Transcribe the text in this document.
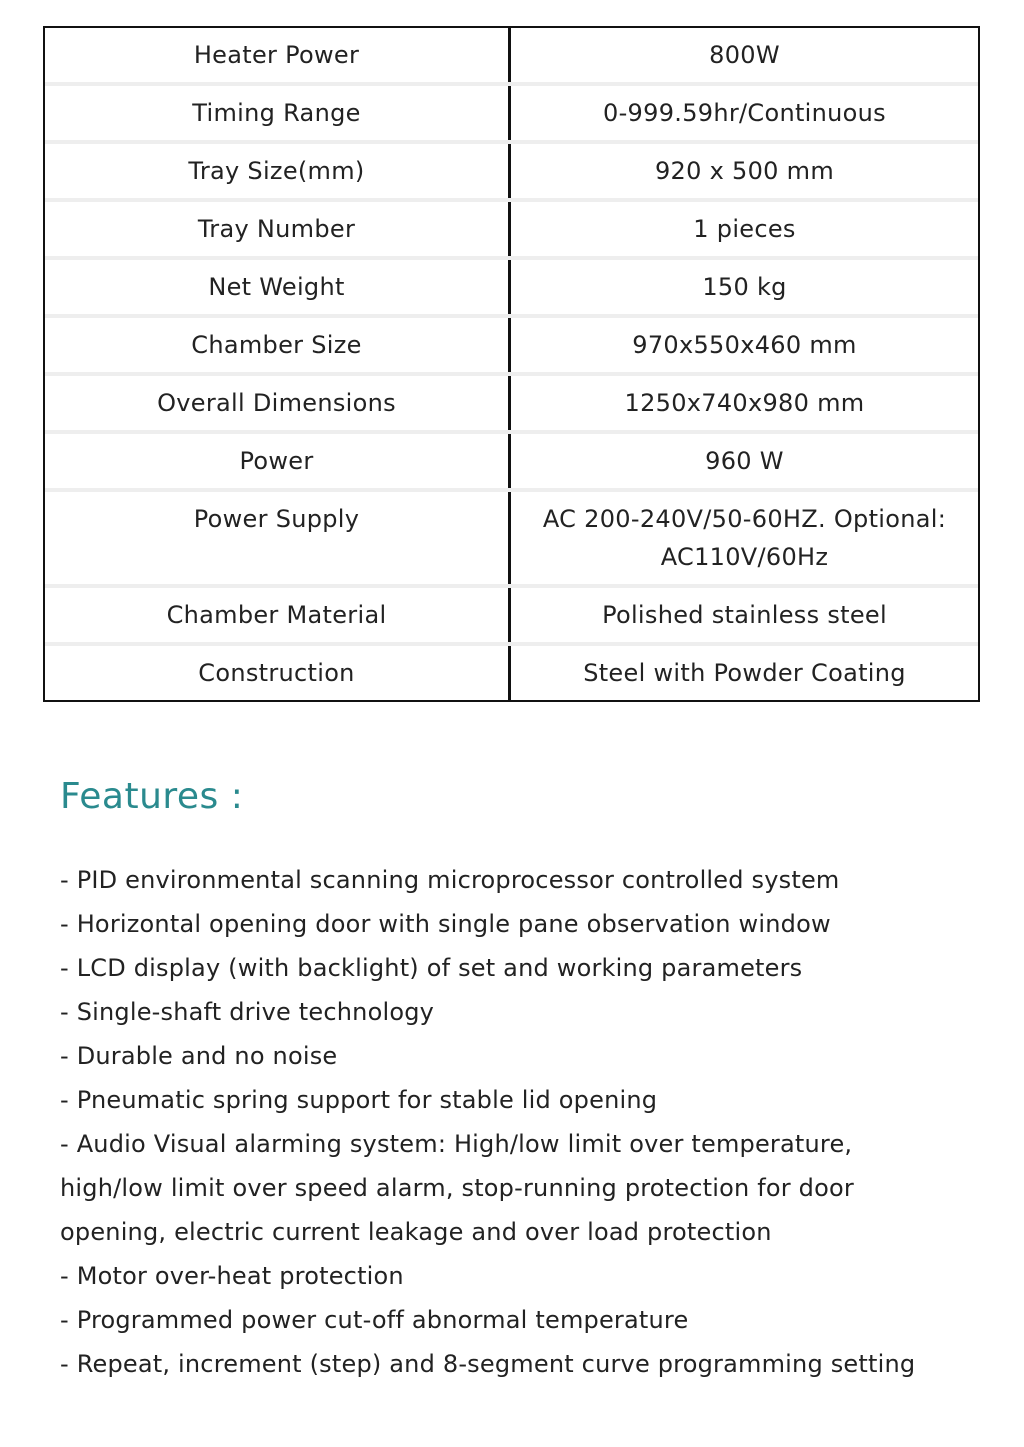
Heater Power	800W
Timing Range	0-999.59hr/Continuous
Tray Size(mm)	920 x 500 mm
Tray Number	1 pieces
Net Weight	150 kg
Chamber Size	970x550x460 mm
Overall Dimensions	1250x740x980 mm
Power	960 W
Power Supply	AC 200-240V/50-60HZ. Optional: AC110V/60Hz
Chamber Material	Polished stainless steel
Construction	Steel with Powder Coating
Features :
- PID environmental scanning microprocessor controlled system
- Horizontal opening door with single pane observation window
- LCD display (with backlight) of set and working parameters
- Single-shaft drive technology
- Durable and no noise
- Pneumatic spring support for stable lid opening
- Audio Visual alarming system: High/low limit over temperature, high/low limit over speed alarm, stop-running protection for door opening, electric current leakage and over load protection
- Motor over-heat protection
- Programmed power cut-off abnormal temperature
- Repeat, increment (step) and 8-segment curve programming setting
